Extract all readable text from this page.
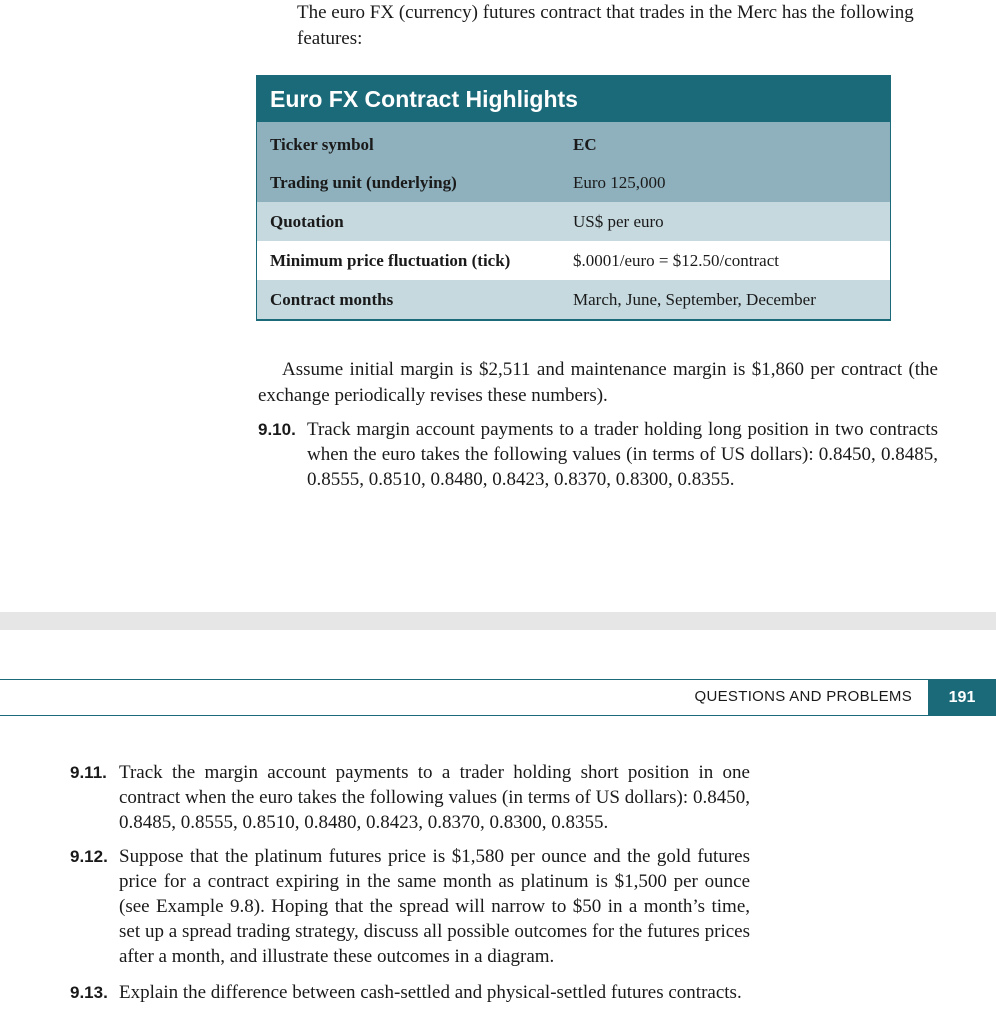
The euro FX (currency) futures contract that trades in the Merc has the following features:
Euro FX Contract Highlights
Ticker symbol	EC
Trading unit (underlying)	Euro 125,000
Quotation	US$ per euro
Minimum price fluctuation (tick)	$.0001/euro = $12.50/contract
Contract months	March, June, September, December
Assume initial margin is $2,511 and maintenance margin is $1,860 per contract (the exchange periodically revises these numbers).
9.10. Track margin account payments to a trader holding long position in two contracts when the euro takes the following values (in terms of US dollars): 0.8450, 0.8485, 0.8555, 0.8510, 0.8480, 0.8423, 0.8370, 0.8300, 0.8355.
QUESTIONS AND PROBLEMS	191
9.11. Track the margin account payments to a trader holding short position in one contract when the euro takes the following values (in terms of US dollars): 0.8450, 0.8485, 0.8555, 0.8510, 0.8480, 0.8423, 0.8370, 0.8300, 0.8355.
9.12. Suppose that the platinum futures price is $1,580 per ounce and the gold futures price for a contract expiring in the same month as platinum is $1,500 per ounce (see Example 9.8). Hoping that the spread will narrow to $50 in a month’s time, set up a spread trading strategy, discuss all possible outcomes for the futures prices after a month, and illustrate these outcomes in a diagram.
9.13. Explain the difference between cash-settled and physical-settled futures contracts.
